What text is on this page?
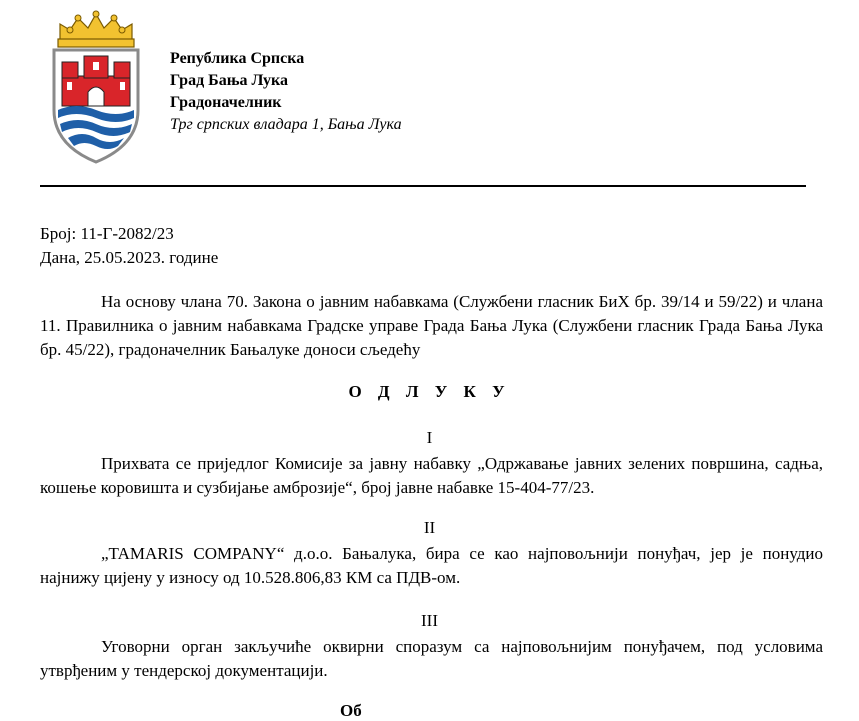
Република Српска
Град Бања Лука
Градоначелник
Трг српских владара 1, Бања Лука
Број: 11-Г-2082/23
Дана, 25.05.2023. године

На основу члана 70. Закона о јавним набавкама (Службени гласник БиХ бр. 39/14 и 59/22) и члана 11. Правилника о јавним набавкама Градске управе Града Бања Лука (Службени гласник Града Бања Лука бр. 45/22), градоначелник Бањалуке доноси сљедећу

О Д Л У К У
I

Прихвата се приједлог Комисије за јавну набавку „Одржавање јавних зелених површина, садња, кошење коровишта и сузбијање амброзије“, број јавне набавке 15-404-77/23.

II

„TAMARIS COMPANY“ д.о.о. Бањалука, бира се као најповољнији понуђач, јер је понудио најнижу цијену у износу од 10.528.806,83 КМ са ПДВ-ом.

III

Уговорни орган закључиће оквирни споразум са најповољнијим понуђачем, под условима утврђеним у тендерској документацији.

Об
